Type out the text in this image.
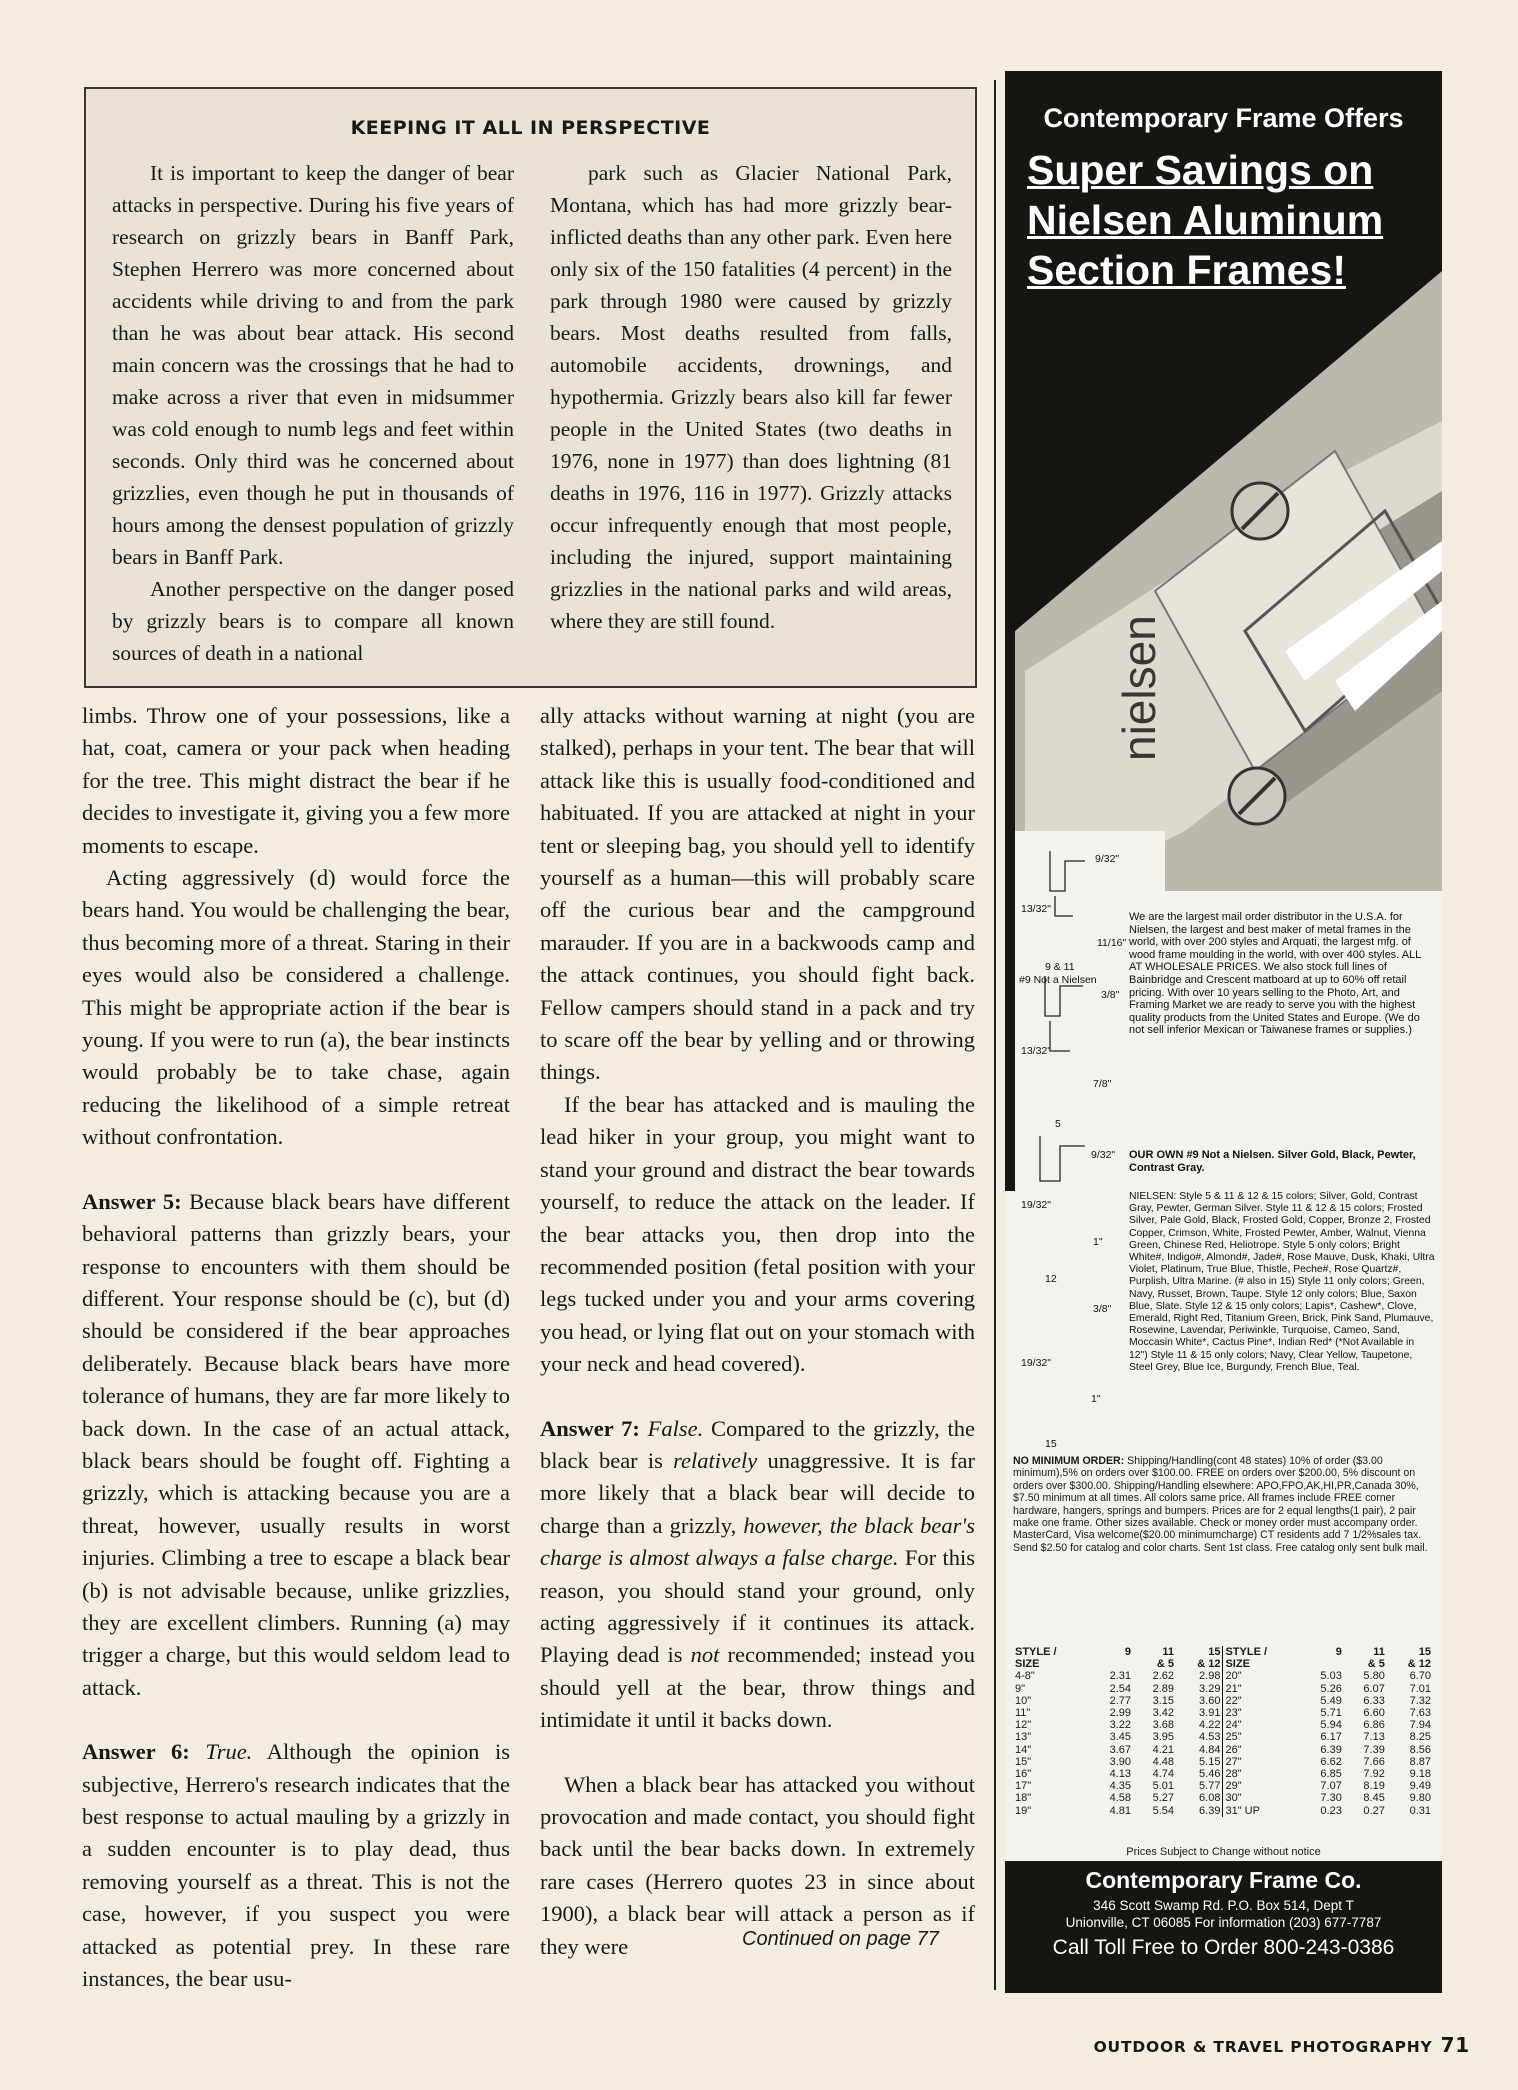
KEEPING IT ALL IN PERSPECTIVE

It is important to keep the danger of bear attacks in perspective. During his five years of research on grizzly bears in Banff Park, Stephen Herrero was more concerned about accidents while driving to and from the park than he was about bear attack. His second main concern was the crossings that he had to make across a river that even in midsummer was cold enough to numb legs and feet within seconds. Only third was he concerned about grizzlies, even though he put in thousands of hours among the densest population of grizzly bears in Banff Park.

Another perspective on the danger posed by grizzly bears is to compare all known sources of death in a national

park such as Glacier National Park, Montana, which has had more grizzly bear-inflicted deaths than any other park. Even here only six of the 150 fatalities (4 percent) in the park through 1980 were caused by grizzly bears. Most deaths resulted from falls, automobile accidents, drownings, and hypothermia. Grizzly bears also kill far fewer people in the United States (two deaths in 1976, none in 1977) than does lightning (81 deaths in 1976, 116 in 1977). Grizzly attacks occur infrequently enough that most people, including the injured, support maintaining grizzlies in the national parks and wild areas, where they are still found.

limbs. Throw one of your possessions, like a hat, coat, camera or your pack when heading for the tree. This might distract the bear if he decides to investigate it, giving you a few more moments to escape.

Acting aggressively (d) would force the bears hand. You would be challenging the bear, thus becoming more of a threat. Staring in their eyes would also be considered a challenge. This might be appropriate action if the bear is young. If you were to run (a), the bear instincts would probably be to take chase, again reducing the likelihood of a simple retreat without confrontation.

Answer 5: Because black bears have different behavioral patterns than grizzly bears, your response to encounters with them should be different. Your response should be (c), but (d) should be considered if the bear approaches deliberately. Because black bears have more tolerance of humans, they are far more likely to back down. In the case of an actual attack, black bears should be fought off. Fighting a grizzly, which is attacking because you are a threat, however, usually results in worst injuries. Climbing a tree to escape a black bear (b) is not advisable because, unlike grizzlies, they are excellent climbers. Running (a) may trigger a charge, but this would seldom lead to attack.

Answer 6: True. Although the opinion is subjective, Herrero's research indicates that the best response to actual mauling by a grizzly in a sudden encounter is to play dead, thus removing yourself as a threat. This is not the case, however, if you suspect you were attacked as potential prey. In these rare instances, the bear usu-

ally attacks without warning at night (you are stalked), perhaps in your tent. The bear that will attack like this is usually food-conditioned and habituated. If you are attacked at night in your tent or sleeping bag, you should yell to identify yourself as a human—this will probably scare off the curious bear and the campground marauder. If you are in a backwoods camp and the attack continues, you should fight back. Fellow campers should stand in a pack and try to scare off the bear by yelling and or throwing things.

If the bear has attacked and is mauling the lead hiker in your group, you might want to stand your ground and distract the bear towards yourself, to reduce the attack on the leader. If the bear attacks you, then drop into the recommended position (fetal position with your legs tucked under you and your arms covering you head, or lying flat out on your stomach with your neck and head covered).

Answer 7: False. Compared to the grizzly, the black bear is relatively unaggressive. It is far more likely that a black bear will decide to charge than a grizzly, however, the black bear's charge is almost always a false charge. For this reason, you should stand your ground, only acting aggressively if it continues its attack. Playing dead is not recommended; instead you should yell at the bear, throw things and intimidate it until it backs down.

When a black bear has attacked you without provocation and made contact, you should fight back until the bear backs down. In extremely rare cases (Herrero quotes 23 in since about 1900), a black bear will attack a person as if they were	Continued on page 77
Contemporary Frame Offers
Super Savings on
Nielsen Aluminum
Section Frames!
nielsen
9/32"
13/32"
11/16"
9 & 11
#9 Not a Nielsen
3/8"
13/32"
7/8"
5
9/32"
We are the largest mail order distributor in the U.S.A. for Nielsen, the largest and best maker of metal frames in the world, with over 200 styles and Arquati, the largest mfg. of wood frame moulding in the world, with over 400 styles. ALL AT WHOLESALE PRICES. We also stock full lines of Bainbridge and Crescent matboard at up to 60% off retail pricing. With over 10 years selling to the Photo, Art, and Framing Market we are ready to serve you with the highest quality products from the United States and Europe. (We do not sell inferior Mexican or Taiwanese frames or supplies.)
OUR OWN #9 Not a Nielsen. Silver Gold, Black, Pewter, Contrast Gray.
19/32"
1"
12
3/8"
19/32"
1"
15
NIELSEN: Style 5 & 11 & 12 & 15 colors; Silver, Gold, Contrast Gray, Pewter, German Silver. Style 11 & 12 & 15 colors; Frosted Silver, Pale Gold, Black, Frosted Gold, Copper, Bronze 2, Frosted Copper, Crimson, White, Frosted Pewter, Amber, Walnut, Vienna Green, Chinese Red, Heliotrope. Style 5 only colors; Bright White#, Indigo#, Almond#, Jade#, Rose Mauve, Dusk, Khaki, Ultra Violet, Platinum, True Blue, Thistle, Peche#, Rose Quartz#, Purplish, Ultra Marine. (# also in 15) Style 11 only colors; Green, Navy, Russet, Brown, Taupe. Style 12 only colors; Blue, Saxon Blue, Slate. Style 12 & 15 only colors; Lapis*, Cashew*, Clove, Emerald, Right Red, Titanium Green, Brick, Pink Sand, Plumauve, Rosewine, Lavendar, Periwinkle, Turquoise, Cameo, Sand, Moccasin White*, Cactus Pine*, Indian Red* (*Not Available in 12") Style 11 & 15 only colors; Navy, Clear Yellow, Taupetone, Steel Grey, Blue Ice, Burgundy, French Blue, Teal.
NO MINIMUM ORDER: Shipping/Handling(cont 48 states) 10% of order ($3.00 minimum),5% on orders over $100.00. FREE on orders over $200.00, 5% discount on orders over $300.00. Shipping/Handling elsewhere: APO,FPO,AK,HI,PR,Canada 30%, $7.50 minimum at all times. All colors same price. All frames include FREE corner hardware, hangers, springs and bumpers. Prices are for 2 equal lengths(1 pair), 2 pair make one frame. Other sizes available. Check or money order must accompany order. MasterCard, Visa welcome($20.00 minimumcharge) CT residents add 7 1/2%sales tax. Send $2.50 for catalog and color charts. Sent 1st class. Free catalog only sent bulk mail.
STYLE /	9	11	15	STYLE /	9	11	15
SIZE		& 5	& 12	SIZE		& 5	& 12
4-8"	2.31	2.62	2.98	20"	5.03	5.80	6.70
9"	2.54	2.89	3.29	21"	5.26	6.07	7.01
10"	2.77	3.15	3.60	22"	5.49	6.33	7.32
11"	2.99	3.42	3.91	23"	5.71	6.60	7.63
12"	3.22	3.68	4.22	24"	5.94	6.86	7.94
13"	3.45	3.95	4.53	25"	6.17	7.13	8.25
14"	3.67	4.21	4.84	26"	6.39	7.39	8.56
15"	3.90	4.48	5.15	27"	6.62	7.66	8.87
16"	4.13	4.74	5.46	28"	6.85	7.92	9.18
17"	4.35	5.01	5.77	29"	7.07	8.19	9.49
18"	4.58	5.27	6.08	30"	7.30	8.45	9.80
19"	4.81	5.54	6.39	31" UP	0.23	0.27	0.31
Prices Subject to Change without notice
Contemporary Frame Co.
346 Scott Swamp Rd. P.O. Box 514, Dept T
Unionville, CT 06085 For information (203) 677-7787
Call Toll Free to Order 800-243-0386
OUTDOOR & TRAVEL PHOTOGRAPHY 71
